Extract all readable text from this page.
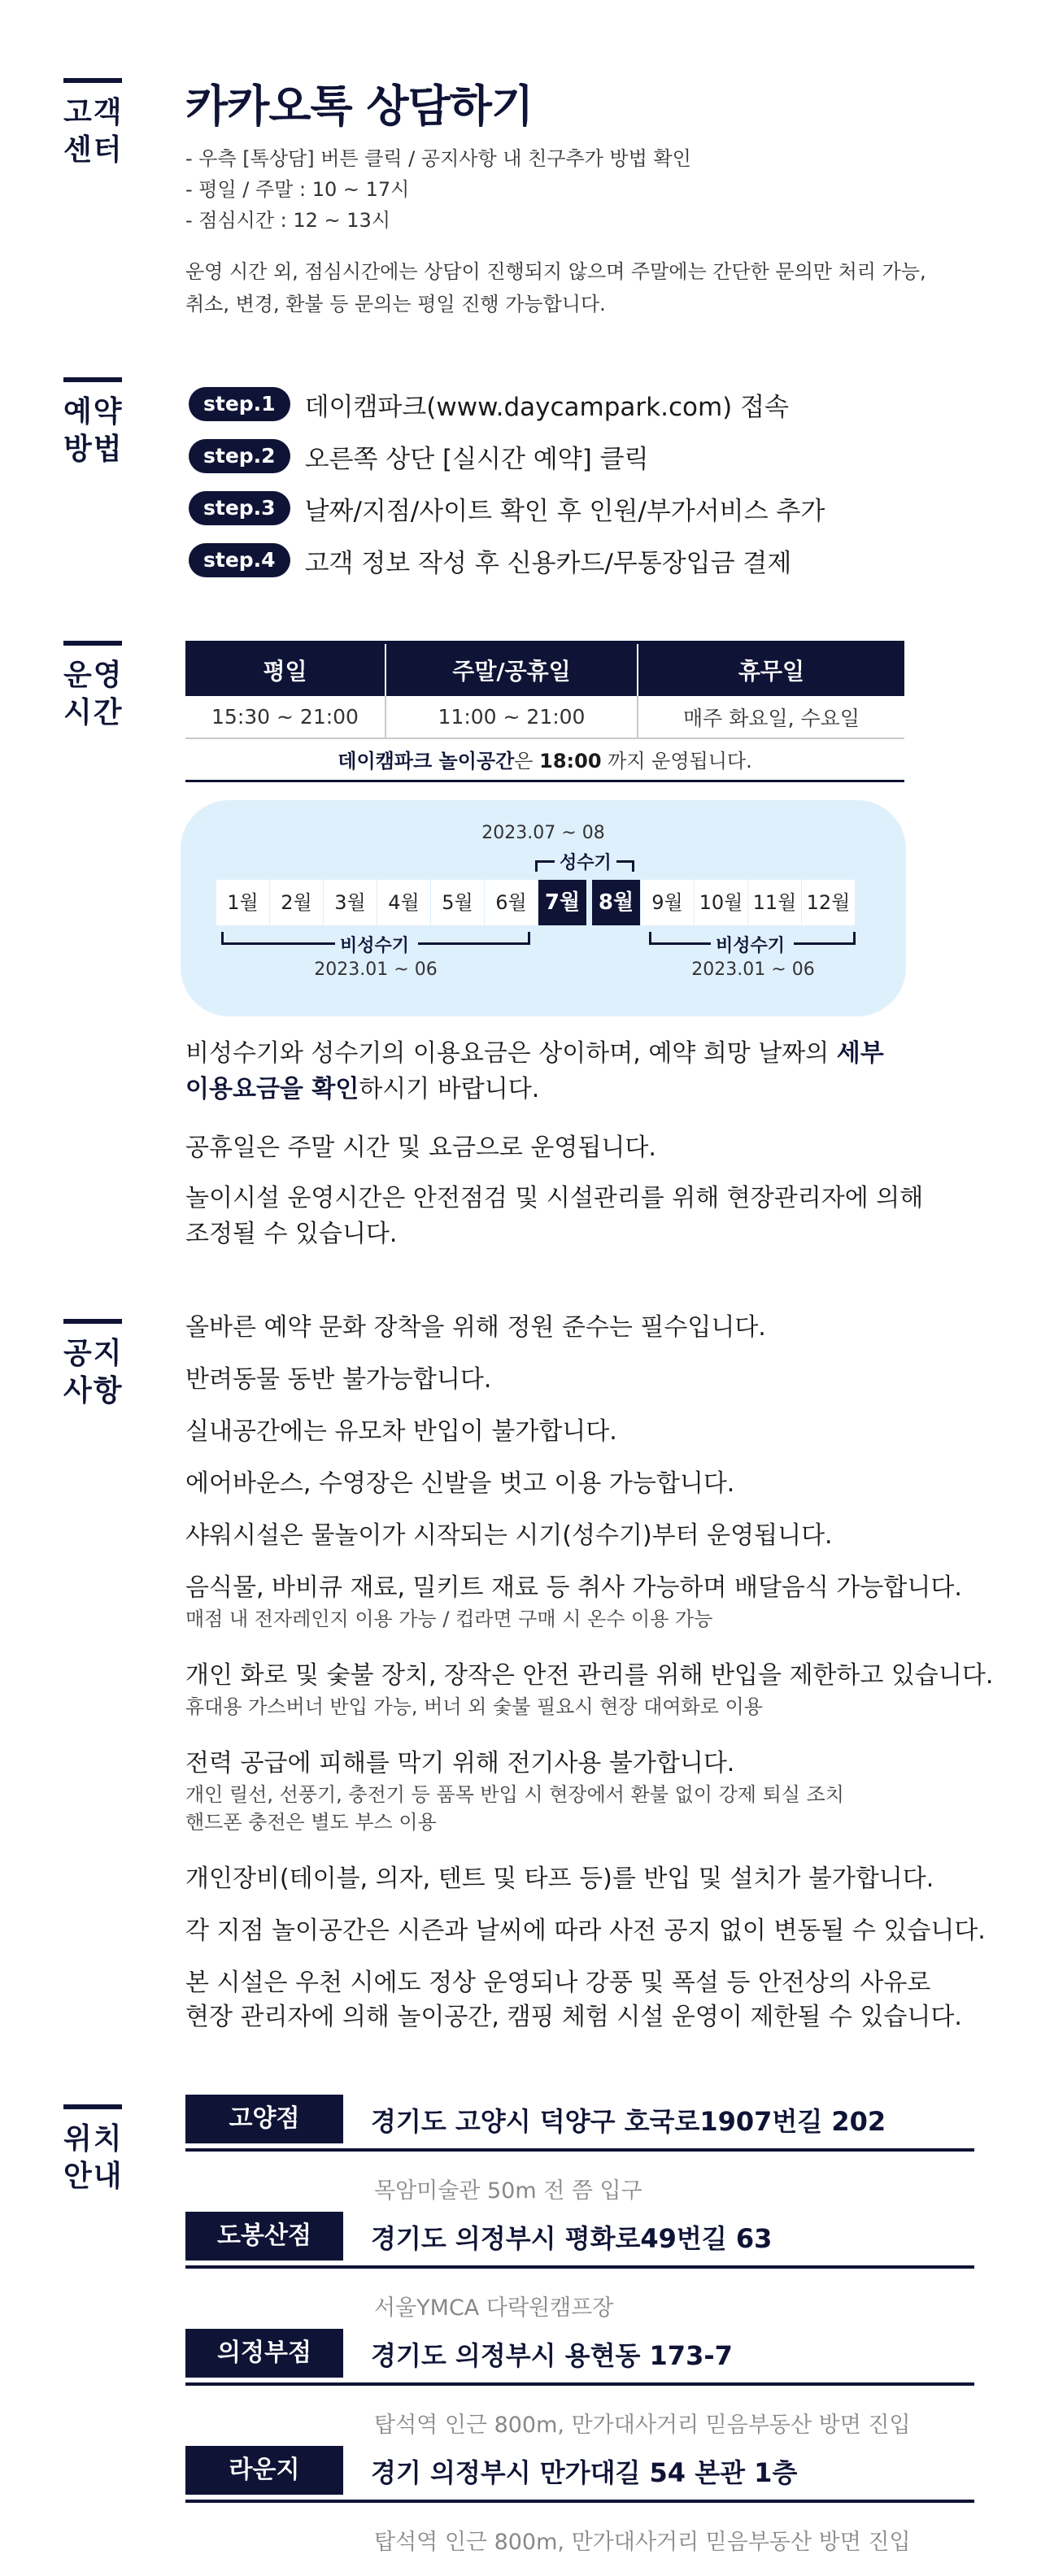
고객
센터
카카오톡 상담하기
- 우측 [톡상담] 버튼 클릭 / 공지사항 내 친구추가 방법 확인
- 평일 / 주말 : 10 ~ 17시
- 점심시간 : 12 ~ 13시
운영 시간 외, 점심시간에는 상담이 진행되지 않으며 주말에는 간단한 문의만 처리 가능,
취소, 변경, 환불 등 문의는 평일 진행 가능합니다.
예약
방법
step.1	데이캠파크(www.daycampark.com) 접속
step.2	오른쪽 상단 [실시간 예약] 클릭
step.3	날짜/지점/사이트 확인 후 인원/부가서비스 추가
step.4	고객 정보 작성 후 신용카드/무통장입금 결제
운영
시간
평일	주말/공휴일	휴무일
15:30 ~ 21:00	11:00 ~ 21:00	매주 화요일, 수요일
데이캠파크 놀이공간은 18:00 까지 운영됩니다.		
2023.07 ~ 08
성수기
1월	2월	3월	4월	5월	6월 7월 8월 9월 10월 11월 12월
비성수기
2023.01 ~ 06
비성수기
2023.01 ~ 06
비성수기와 성수기의 이용요금은 상이하며, 예약 희망 날짜의 세부
이용요금을 확인하시기 바랍니다.
공휴일은 주말 시간 및 요금으로 운영됩니다.
놀이시설 운영시간은 안전점검 및 시설관리를 위해 현장관리자에 의해
조정될 수 있습니다.
공지
사항
올바른 예약 문화 장착을 위해 정원 준수는 필수입니다.
반려동물 동반 불가능합니다.
실내공간에는 유모차 반입이 불가합니다.
에어바운스, 수영장은 신발을 벗고 이용 가능합니다.
샤워시설은 물놀이가 시작되는 시기(성수기)부터 운영됩니다.
음식물, 바비큐 재료, 밀키트 재료 등 취사 가능하며 배달음식 가능합니다.
매점 내 전자레인지 이용 가능 / 컵라면 구매 시 온수 이용 가능
개인 화로 및 숯불 장치, 장작은 안전 관리를 위해 반입을 제한하고 있습니다.
휴대용 가스버너 반입 가능, 버너 외 숯불 필요시 현장 대여화로 이용
전력 공급에 피해를 막기 위해 전기사용 불가합니다.
개인 릴선, 선풍기, 충전기 등 품목 반입 시 현장에서 환불 없이 강제 퇴실 조치
핸드폰 충전은 별도 부스 이용
개인장비(테이블, 의자, 텐트 및 타프 등)를 반입 및 설치가 불가합니다.
각 지점 놀이공간은 시즌과 날씨에 따라 사전 공지 없이 변동될 수 있습니다.
본 시설은 우천 시에도 정상 운영되나 강풍 및 폭설 등 안전상의 사유로
현장 관리자에 의해 놀이공간, 캠핑 체험 시설 운영이 제한될 수 있습니다.
위치
안내
고양점	경기도 고양시 덕양구 호국로1907번길 202
목암미술관 50m 전 쯤 입구
도봉산점	경기도 의정부시 평화로49번길 63
서울YMCA 다락원캠프장
의정부점	경기도 의정부시 용현동 173-7
탑석역 인근 800m, 만가대사거리 믿음부동산 방면 진입
라운지	경기 의정부시 만가대길 54 본관 1층
탑석역 인근 800m, 만가대사거리 믿음부동산 방면 진입
